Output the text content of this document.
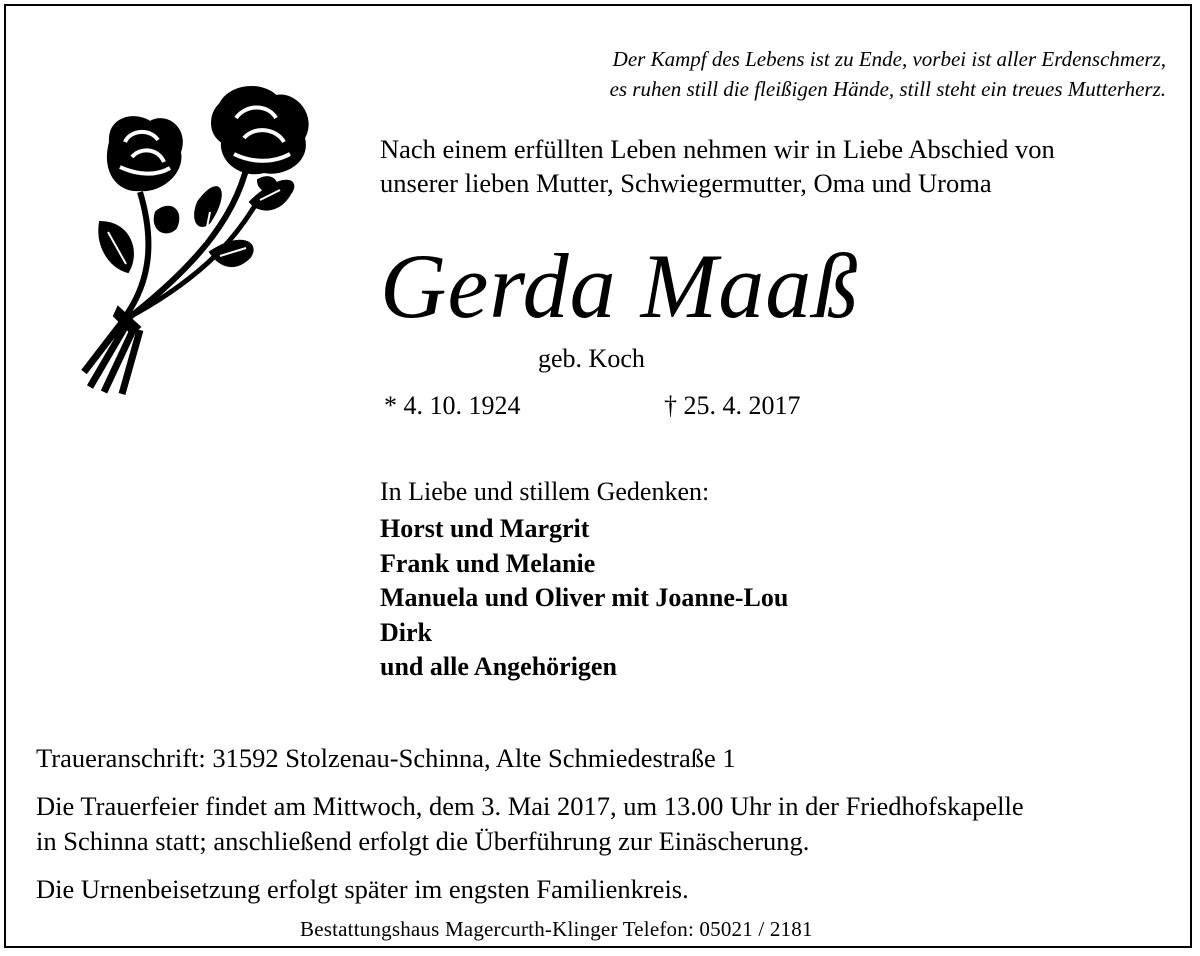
Der Kampf des Lebens ist zu Ende, vorbei ist aller Erdenschmerz,
es ruhen still die fleißigen Hände, still steht ein treues Mutterherz.
Nach einem erfüllten Leben nehmen wir in Liebe Abschied von
unserer lieben Mutter, Schwiegermutter, Oma und Uroma
Gerda Maaß
geb. Koch
* 4. 10. 1924	† 25. 4. 2017
In Liebe und stillem Gedenken:
Horst und Margrit
Frank und Melanie
Manuela und Oliver mit Joanne-Lou
Dirk
und alle Angehörigen
Traueranschrift: 31592 Stolzenau-Schinna, Alte Schmiedestraße 1
Die Trauerfeier findet am Mittwoch, dem 3. Mai 2017, um 13.00 Uhr in der Friedhofskapelle
in Schinna statt; anschließend erfolgt die Überführung zur Einäscherung.
Die Urnenbeisetzung erfolgt später im engsten Familienkreis.
Bestattungshaus Magercurth-Klinger Telefon: 05021 / 2181
